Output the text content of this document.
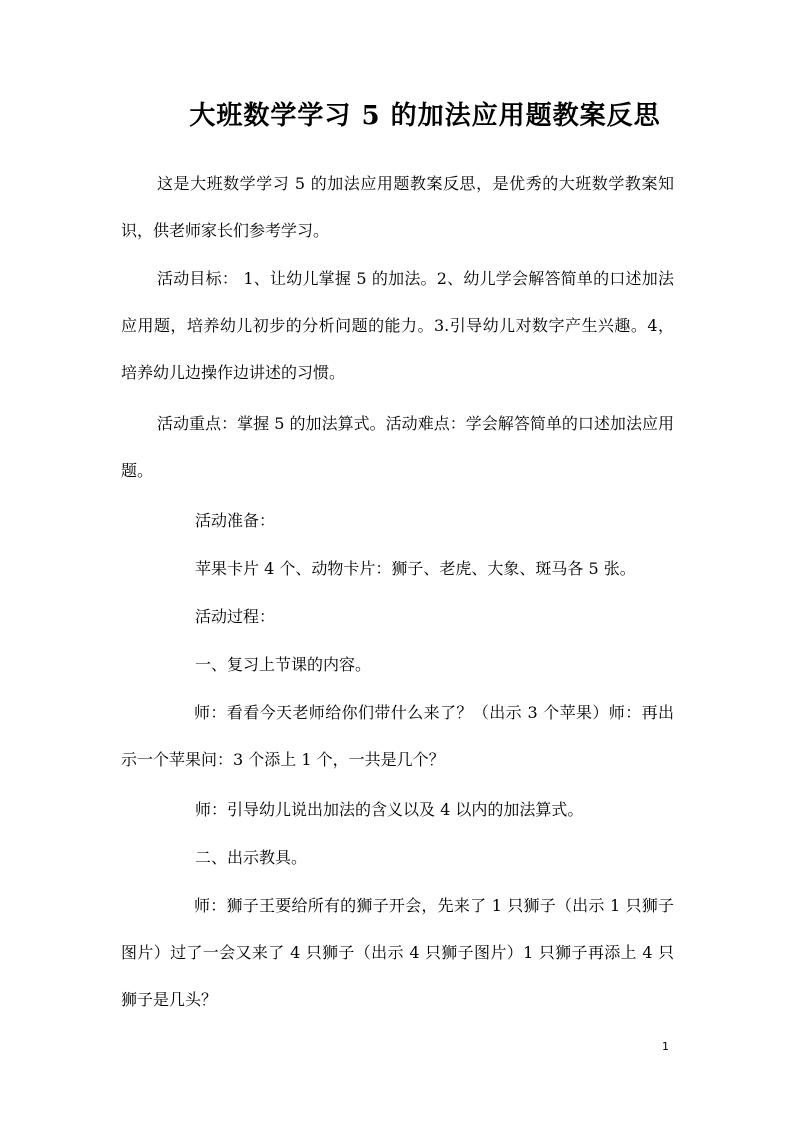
大班数学学习 5 的加法应用题教案反思

这是大班数学学习 5 的加法应用题教案反思，是优秀的大班数学教案知识，供老师家长们参考学习。

活动目标： 1、让幼儿掌握 5 的加法。2、幼儿学会解答简单的口述加法应用题，培养幼儿初步的分析问题的能力。3.引导幼儿对数字产生兴趣。4，培养幼儿边操作边讲述的习惯。

活动重点：掌握 5 的加法算式。活动难点：学会解答简单的口述加法应用题。

活动准备：

苹果卡片 4 个、动物卡片：狮子、老虎、大象、斑马各 5 张。

活动过程：

一、复习上节课的内容。

师：看看今天老师给你们带什么来了？（出示 3 个苹果）师：再出示一个苹果问：3 个添上 1 个，一共是几个？

师：引导幼儿说出加法的含义以及 4 以内的加法算式。

二、出示教具。

师：狮子王要给所有的狮子开会，先来了 1 只狮子（出示 1 只狮子图片）过了一会又来了 4 只狮子（出示 4 只狮子图片）1 只狮子再添上 4 只狮子是几头？

1
